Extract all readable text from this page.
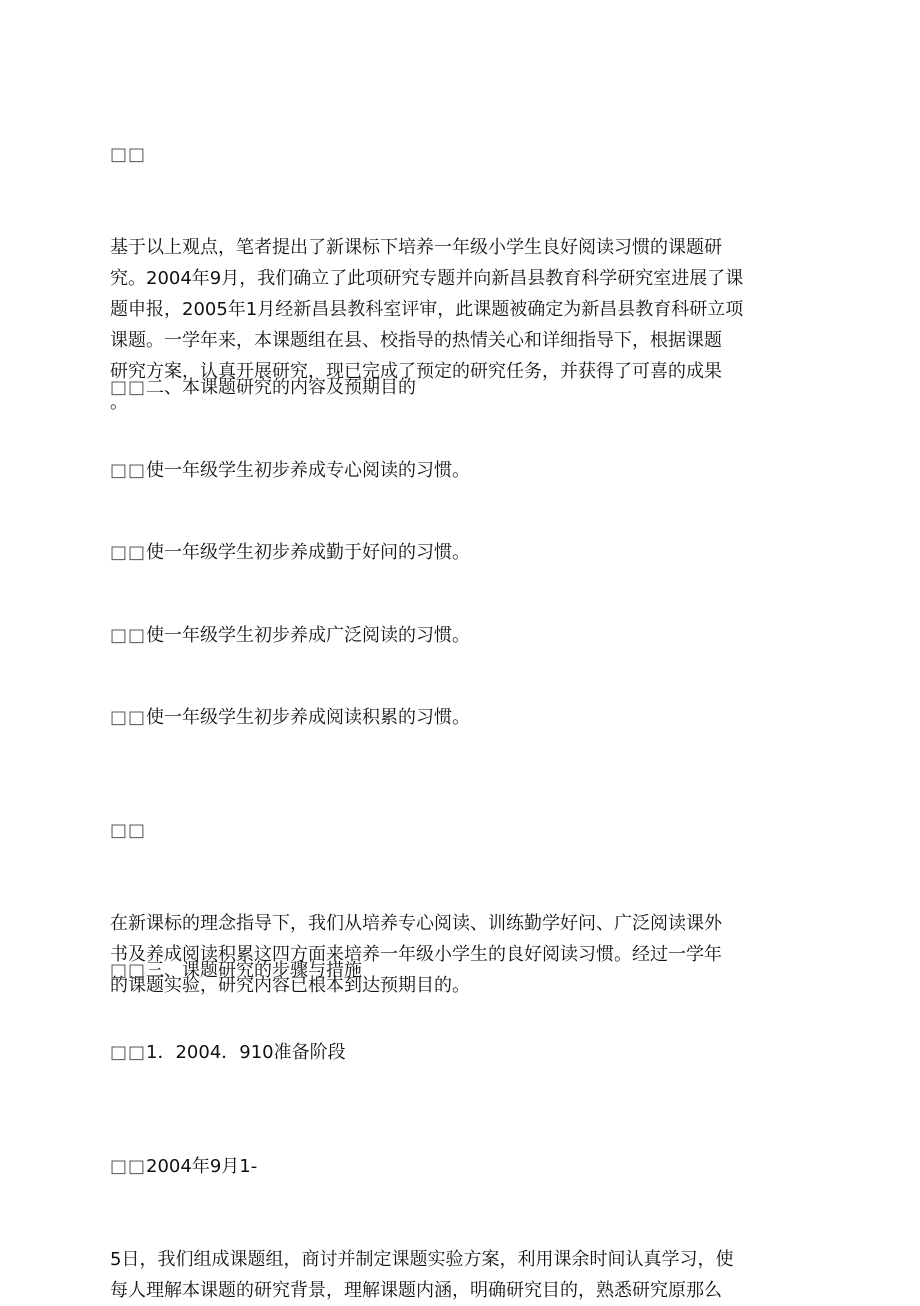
□□

基于以上观点，笔者提出了新课标下培养一年级小学生良好阅读习惯的课题研
究。2004年9月，我们确立了此项研究专题并向新昌县教育科学研究室进展了课
题申报，2005年1月经新昌县教科室评审，此课题被确定为新昌县教育科研立项
课题。一学年来，本课题组在县、校指导的热情关心和详细指导下，根据课题
研究方案，认真开展研究，现已完成了预定的研究任务，并获得了可喜的成果
。

□□二、本课题研究的内容及预期目的
□□使一年级学生初步养成专心阅读的习惯。
□□使一年级学生初步养成勤于好问的习惯。
□□使一年级学生初步养成广泛阅读的习惯。
□□使一年级学生初步养成阅读积累的习惯。

□□

在新课标的理念指导下，我们从培养专心阅读、训练勤学好问、广泛阅读课外
书及养成阅读积累这四方面来培养一年级小学生的良好阅读习惯。经过一学年
的课题实验，研究内容已根本到达预期目的。

□□三、课题研究的步骤与措施
□□1．2004．910准备阶段

□□2004年9月1-

5日，我们组成课题组，商讨并制定课题实验方案，利用课余时间认真学习，使
每人理解本课题的研究背景，理解课题内涵，明确研究目的，熟悉研究原那么
